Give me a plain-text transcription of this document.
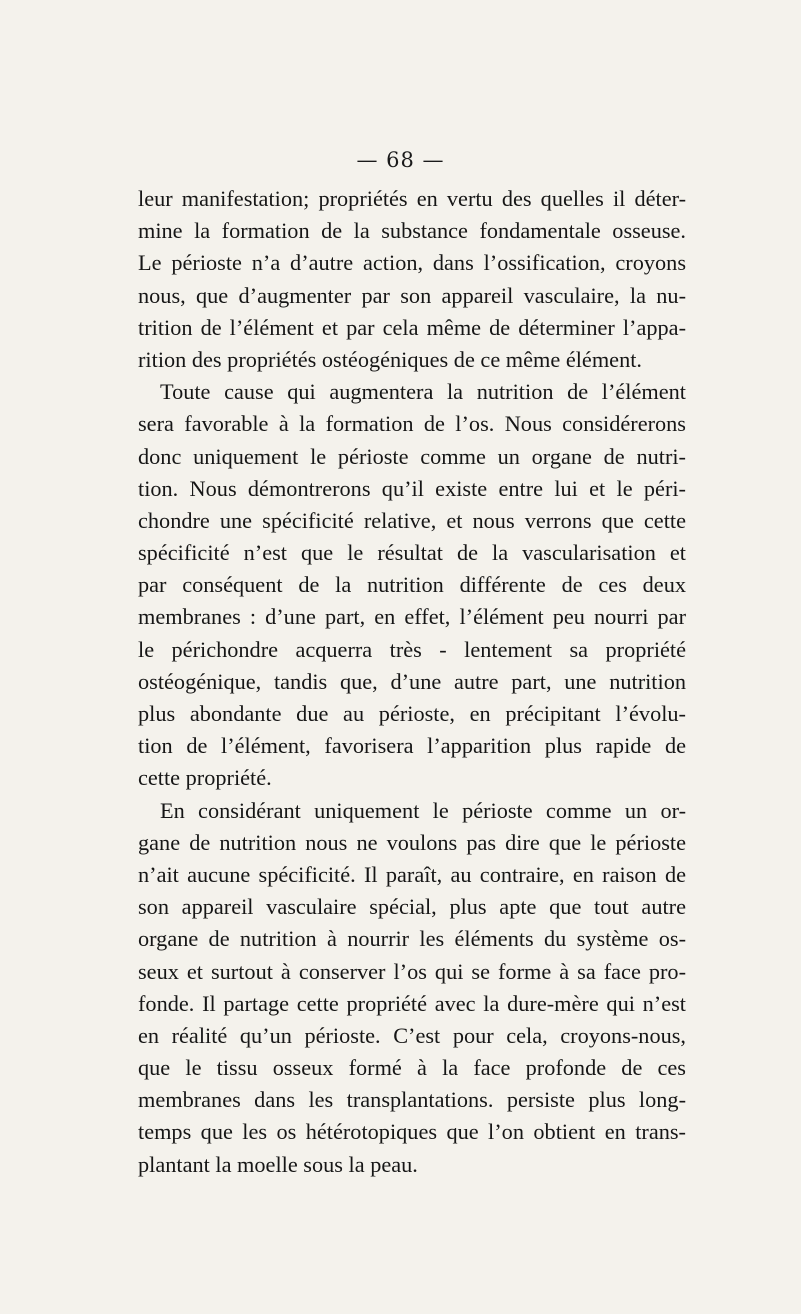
— 68 —
leur manifestation; propriétés en vertu des quelles il déter-
mine la formation de la substance fondamentale osseuse.
Le périoste n’a d’autre action, dans l’ossification, croyons
nous, que d’augmenter par son appareil vasculaire, la nu-
trition de l’élément et par cela même de déterminer l’appa-
rition des propriétés ostéogéniques de ce même élément.
Toute cause qui augmentera la nutrition de l’élément
sera favorable à la formation de l’os. Nous considérerons
donc uniquement le périoste comme un organe de nutri-
tion. Nous démontrerons qu’il existe entre lui et le péri-
chondre une spécificité relative, et nous verrons que cette
spécificité n’est que le résultat de la vascularisation et
par conséquent de la nutrition différente de ces deux
membranes : d’une part, en effet, l’élément peu nourri par
le périchondre acquerra très - lentement sa propriété
ostéogénique, tandis que, d’une autre part, une nutrition
plus abondante due au périoste, en précipitant l’évolu-
tion de l’élément, favorisera l’apparition plus rapide de
cette propriété.
En considérant uniquement le périoste comme un or-
gane de nutrition nous ne voulons pas dire que le périoste
n’ait aucune spécificité. Il paraît, au contraire, en raison de
son appareil vasculaire spécial, plus apte que tout autre
organe de nutrition à nourrir les éléments du système os-
seux et surtout à conserver l’os qui se forme à sa face pro-
fonde. Il partage cette propriété avec la dure-mère qui n’est
en réalité qu’un périoste. C’est pour cela, croyons-nous,
que le tissu osseux formé à la face profonde de ces
membranes dans les transplantations. persiste plus long-
temps que les os hétérotopiques que l’on obtient en trans-
plantant la moelle sous la peau.
